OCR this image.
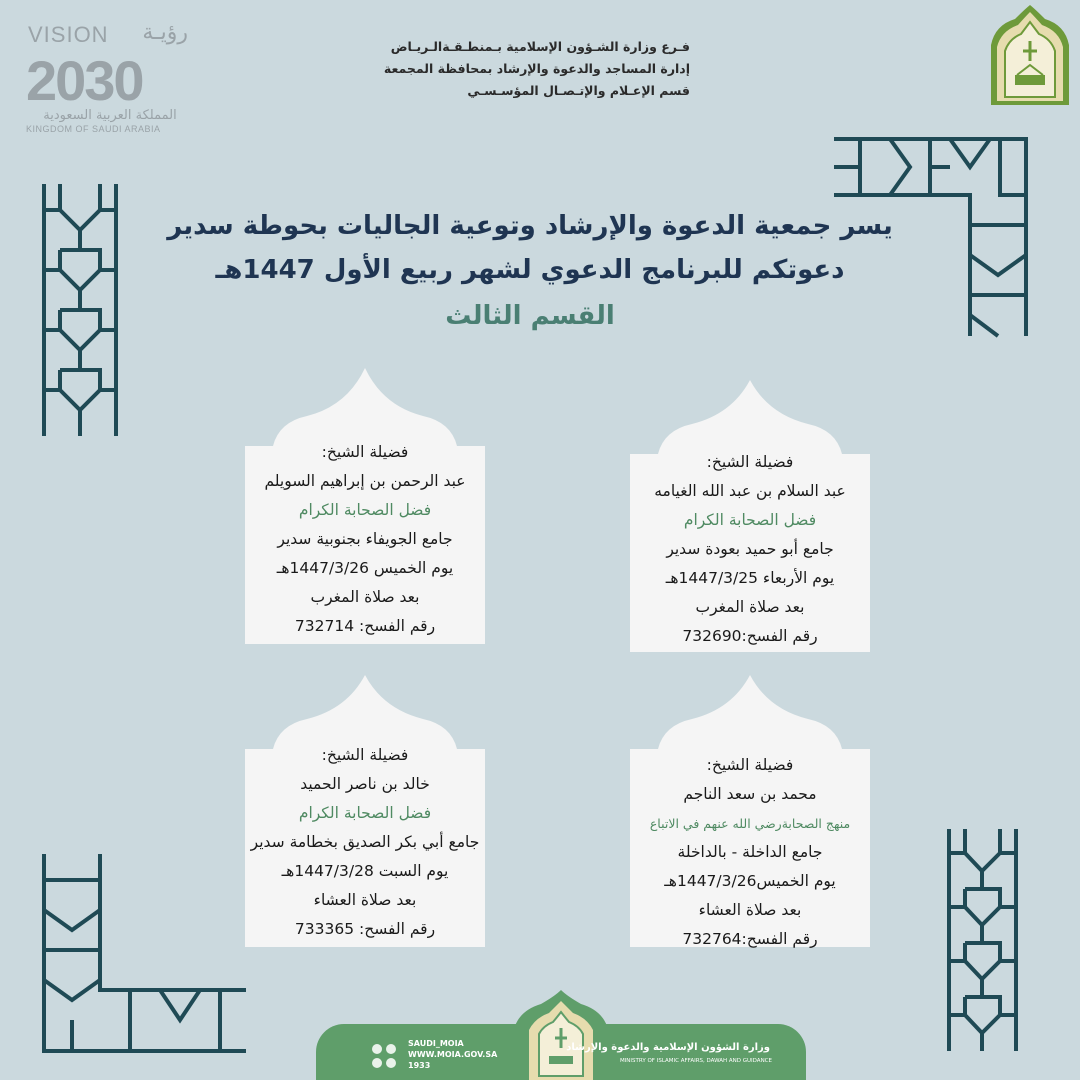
VISION رؤيـة
2030
المملكة العربية السعودية
KINGDOM OF SAUDI ARABIA
فـرع وزارة الشـؤون الإسلامية بـمنطـقـةالـريـاض
إدارة المساجد والدعوة والإرشاد بمحافظة المجمعة
قسم الإعـلام والإتـصـال المؤسـسـي
يسر جمعية الدعوة والإرشاد وتوعية الجاليات بحوطة سدير
دعوتكم للبرنامج الدعوي لشهر ربيع الأول 1447هـ
القسم الثالث
فضيلة الشيخ:
عبد الرحمن بن إبراهيم السويلم
فضل الصحابة الكرام
جامع الجويفاء بجنوبية سدير
يوم الخميس 1447/3/26هـ
بعد صلاة المغرب
رقم الفسح: 732714
فضيلة الشيخ:
عبد السلام بن عبد الله الغيامه
فضل الصحابة الكرام
جامع أبو حميد بعودة سدير
يوم الأربعاء 1447/3/25هـ
بعد صلاة المغرب
رقم الفسح:732690
فضيلة الشيخ:
خالد بن ناصر الحميد
فضل الصحابة الكرام
جامع أبي بكر الصديق بخطامة سدير
يوم السبت 1447/3/28هـ
بعد صلاة العشاء
رقم الفسح: 733365
فضيلة الشيخ:
محمد بن سعد الناجم
منهج الصحابةرضي الله عنهم في الاتباع
جامع الداخلة - بالداخلة
يوم الخميس1447/3/26هـ
بعد صلاة العشاء
رقم الفسح:732764
SAUDI_MOIA
WWW.MOIA.GOV.SA
1933
وزارة الشؤون الإسلامية والدعوة والإرشاد
MINISTRY OF ISLAMIC AFFAIRS, DAWAH AND GUIDANCE
